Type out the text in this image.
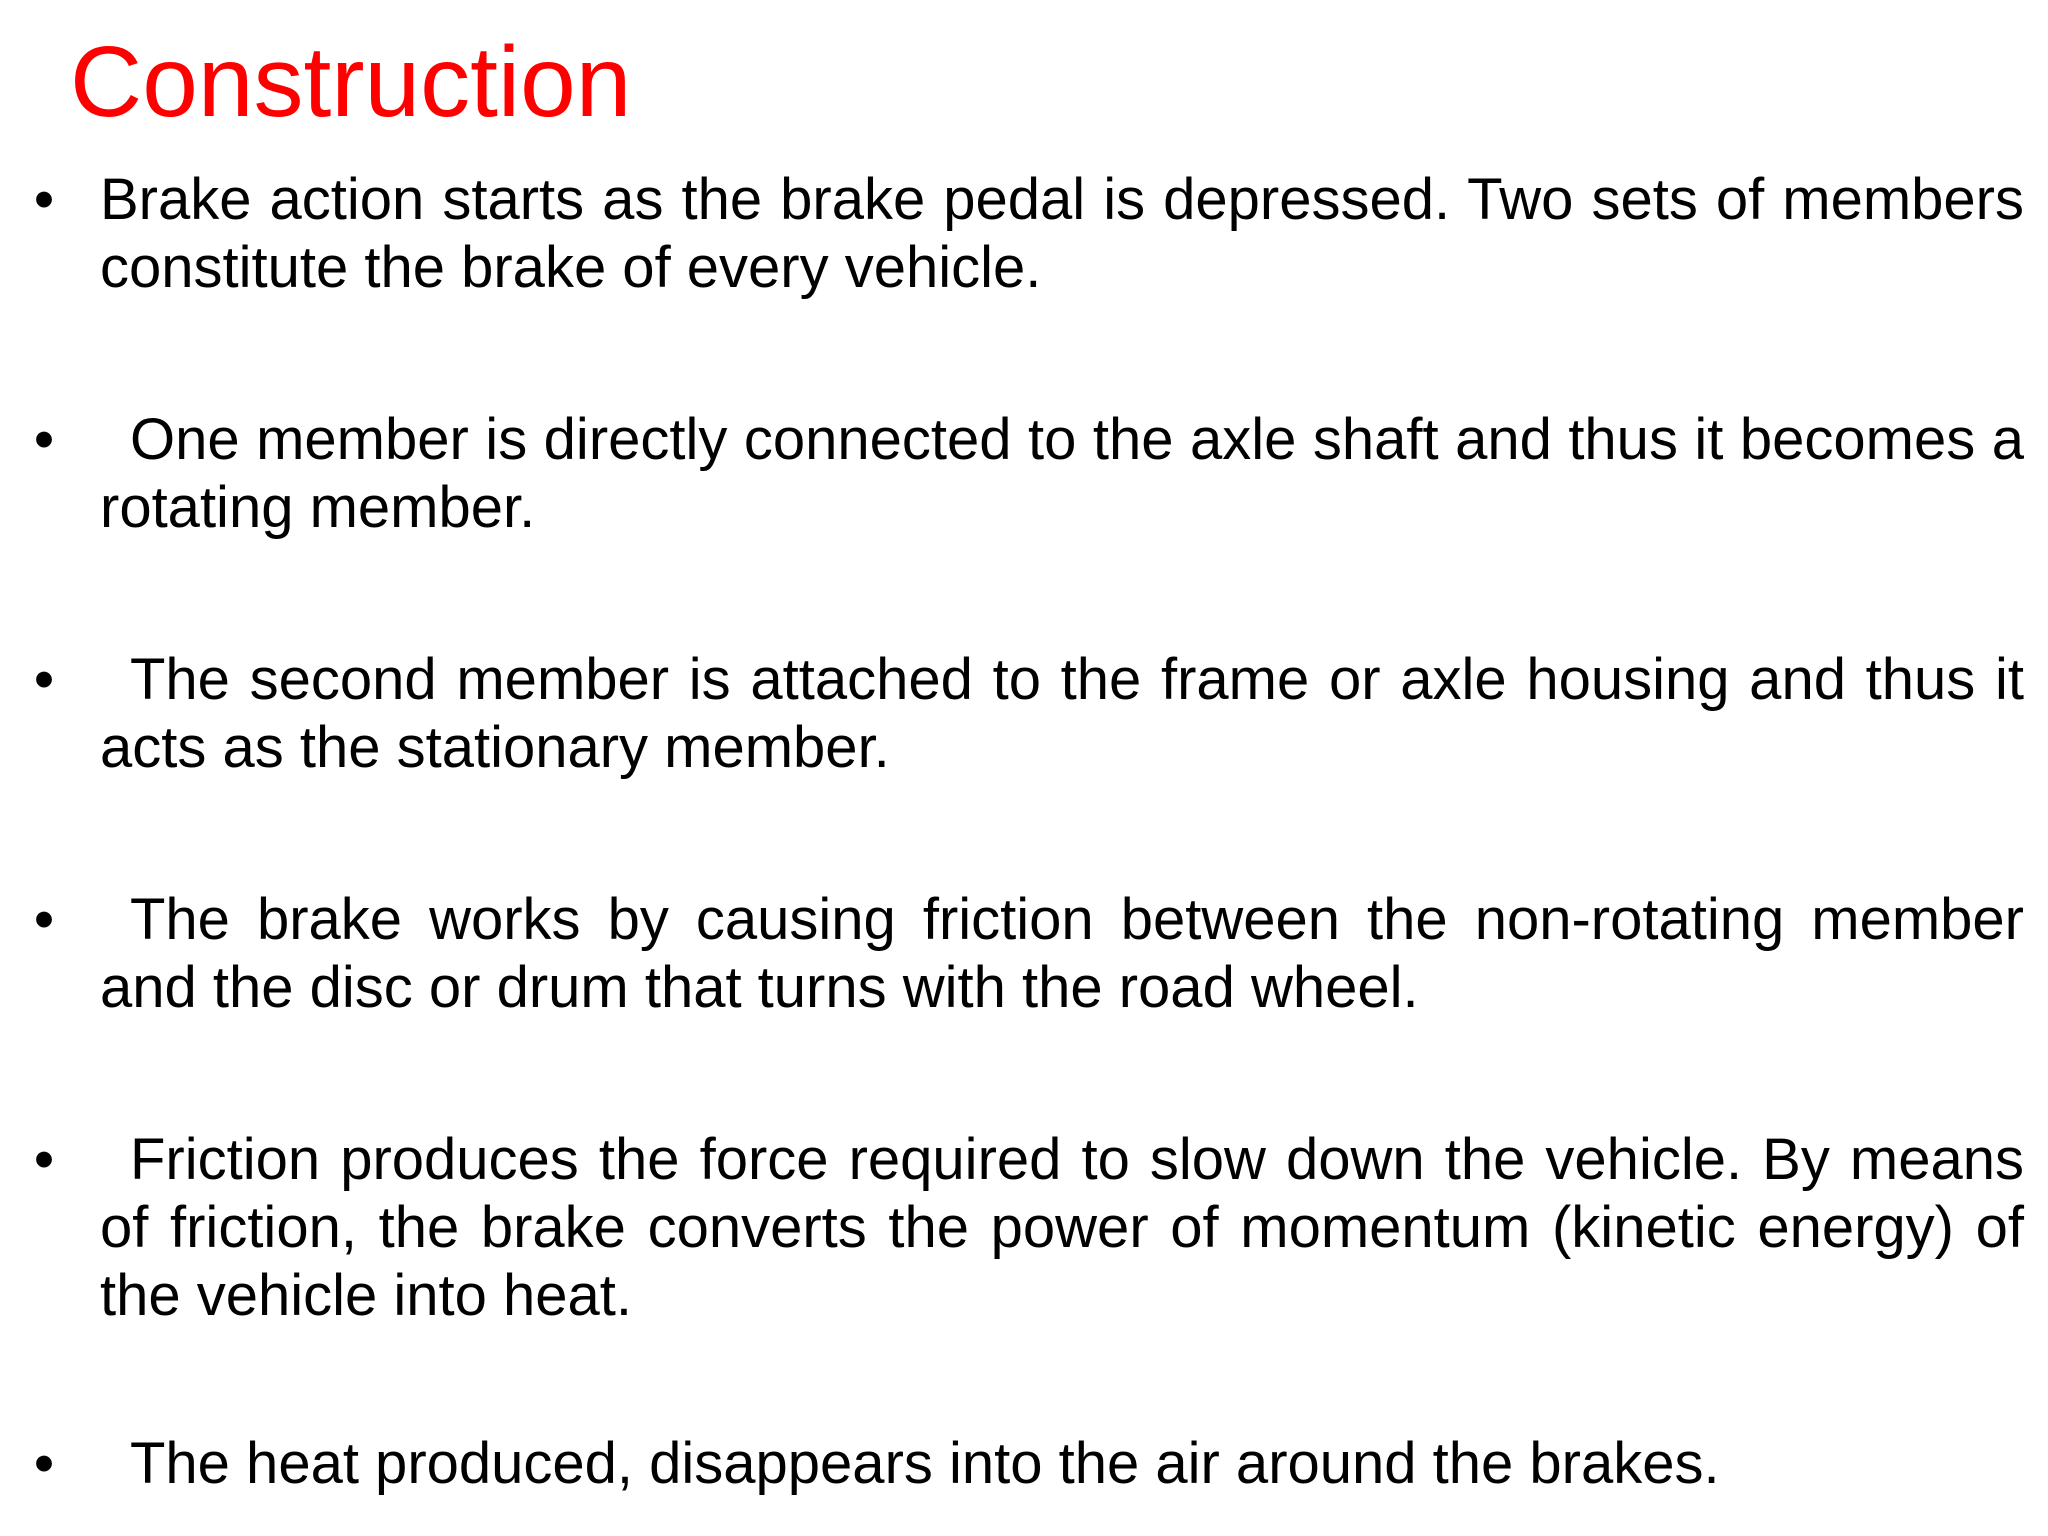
Construction
• Brake action starts as the brake pedal is depressed. Two sets of members constitute the brake of every vehicle.
•	One member is directly connected to the axle shaft and thus it becomes a rotating member.
•	The second member is attached to the frame or axle housing and thus it acts as the stationary member.
•	The brake works by causing friction between the non-rotating member and the disc or drum that turns with the road wheel.
•	Friction produces the force required to slow down the vehicle. By means of friction, the brake converts the power of momentum (kinetic energy) of the vehicle into heat.
•	The heat produced, disappears into the air around the brakes.
